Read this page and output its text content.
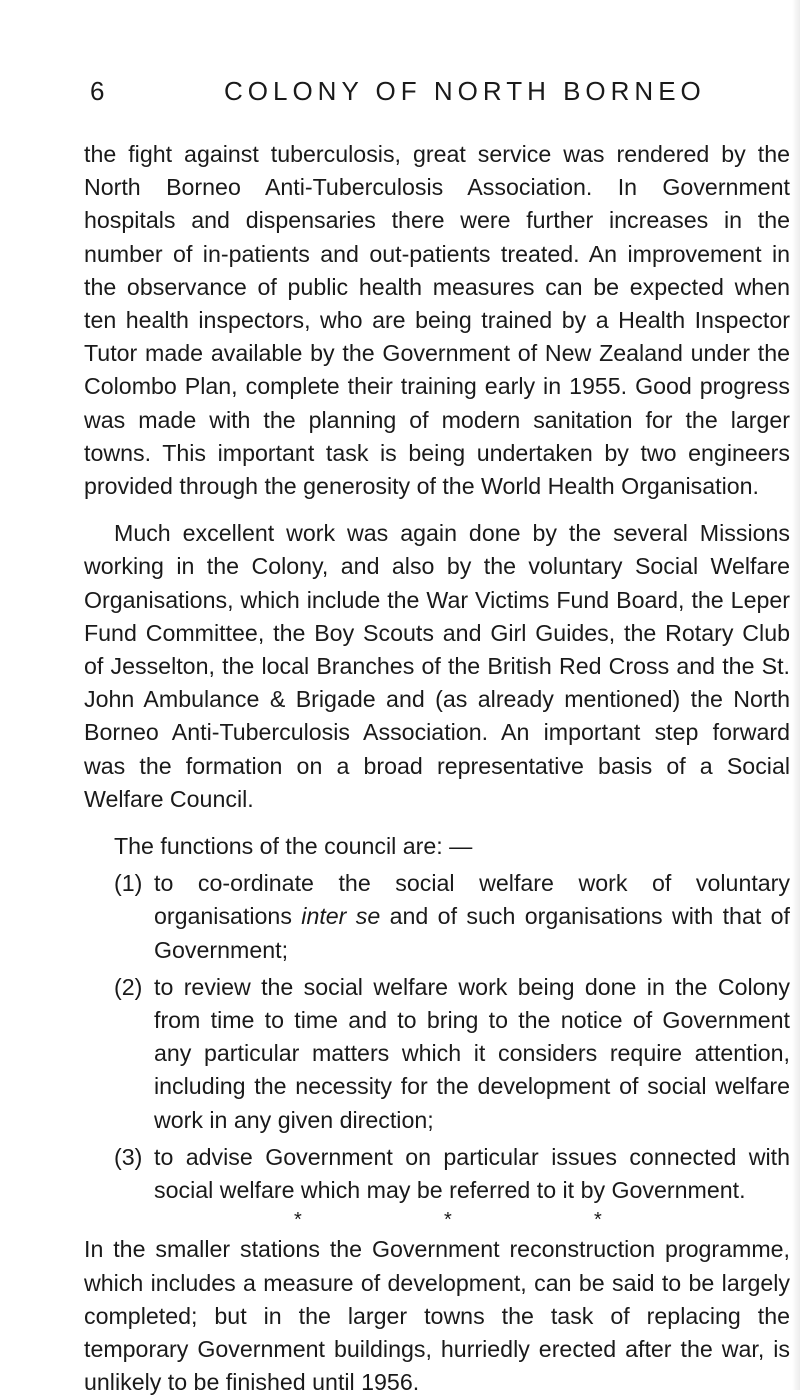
6	COLONY OF NORTH BORNEO

the fight against tuberculosis, great service was rendered by the North Borneo Anti-Tuberculosis Association. In Government hospitals and dispensaries there were further increases in the number of in-patients and out-patients treated. An improvement in the observance of public health measures can be expected when ten health inspectors, who are being trained by a Health Inspector Tutor made available by the Government of New Zealand under the Colombo Plan, complete their training early in 1955. Good progress was made with the planning of modern sanitation for the larger towns. This important task is being undertaken by two engineers provided through the generosity of the World Health Organisation.

Much excellent work was again done by the several Missions working in the Colony, and also by the voluntary Social Welfare Organisations, which include the War Victims Fund Board, the Leper Fund Committee, the Boy Scouts and Girl Guides, the Rotary Club of Jesselton, the local Branches of the British Red Cross and the St. John Ambulance & Brigade and (as already mentioned) the North Borneo Anti-Tuberculosis Association. An important step forward was the formation on a broad representative basis of a Social Welfare Council.

The functions of the council are: —

(1) to co-ordinate the social welfare work of voluntary organisations inter se and of such organisations with that of Government;
(2) to review the social welfare work being done in the Colony from time to time and to bring to the notice of Government any particular matters which it considers require attention, including the necessity for the development of social welfare work in any given direction;
(3) to advise Government on particular issues connected with social welfare which may be referred to it by Government.
*	*	*

In the smaller stations the Government reconstruction programme, which includes a measure of development, can be said to be largely completed; but in the larger towns the task of replacing the temporary Government buildings, hurriedly erected after the war, is unlikely to be finished until 1956.
